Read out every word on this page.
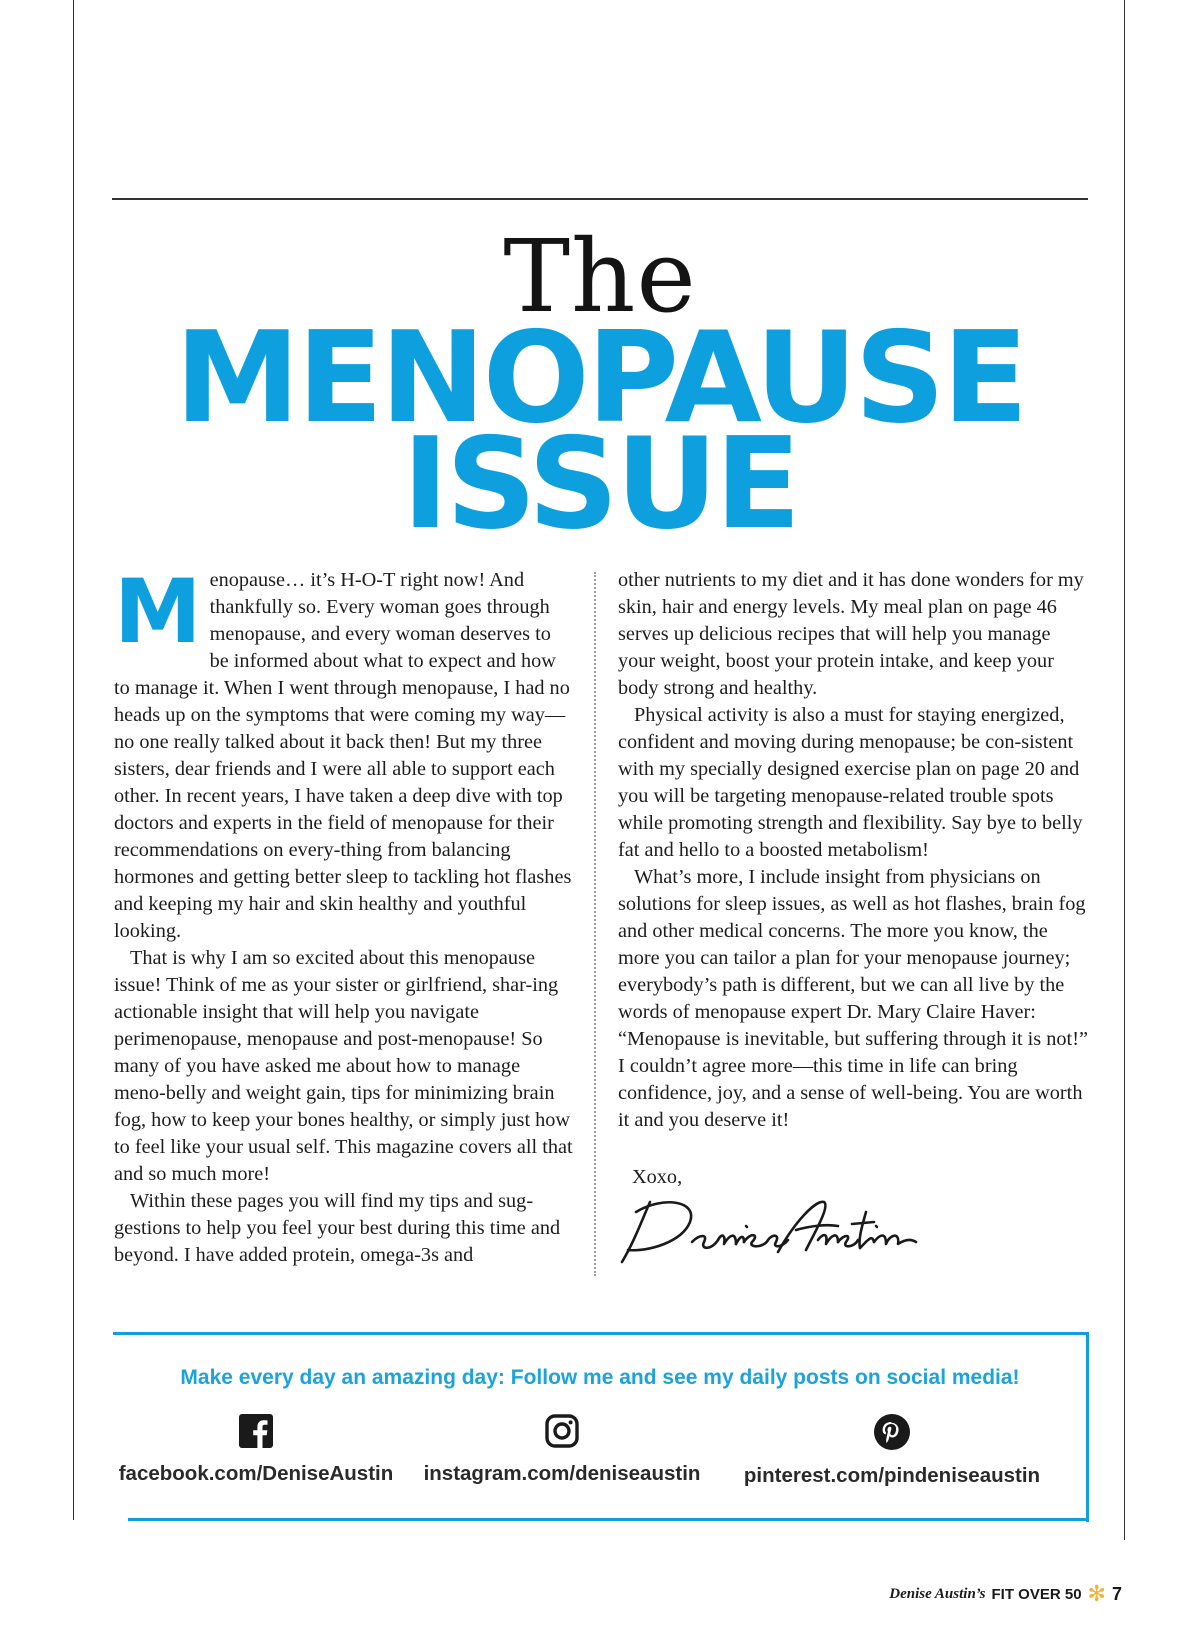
The
MENOPAUSE
ISSUE

Menopause… it’s H-O-T right now! And thankfully so. Every woman goes through menopause, and every woman deserves to be informed about what to expect and how to manage it. When I went through menopause, I had no heads up on the symptoms that were coming my way—no one really talked about it back then! But my three sisters, dear friends and I were all able to support each other. In recent years, I have taken a deep dive with top doctors and experts in the field of menopause for their recommendations on every-thing from balancing hormones and getting better sleep to tackling hot flashes and keeping my hair and skin healthy and youthful looking.

That is why I am so excited about this menopause issue! Think of me as your sister or girlfriend, shar-ing actionable insight that will help you navigate perimenopause, menopause and post-menopause! So many of you have asked me about how to manage meno-belly and weight gain, tips for minimizing brain fog, how to keep your bones healthy, or simply just how to feel like your usual self. This magazine covers all that and so much more!

Within these pages you will find my tips and sug-gestions to help you feel your best during this time and beyond. I have added protein, omega-3s and

other nutrients to my diet and it has done wonders for my skin, hair and energy levels. My meal plan on page 46 serves up delicious recipes that will help you manage your weight, boost your protein intake, and keep your body strong and healthy.

Physical activity is also a must for staying energized, confident and moving during menopause; be con-sistent with my specially designed exercise plan on page 20 and you will be targeting menopause-related trouble spots while promoting strength and flexibility. Say bye to belly fat and hello to a boosted metabolism!

What’s more, I include insight from physicians on solutions for sleep issues, as well as hot flashes, brain fog and other medical concerns. The more you know, the more you can tailor a plan for your menopause journey; everybody’s path is different, but we can all live by the words of menopause expert Dr. Mary Claire Haver: “Menopause is inevitable, but suffering through it is not!” I couldn’t agree more—this time in life can bring confidence, joy, and a sense of well-being. You are worth it and you deserve it!

Xoxo,
Make every day an amazing day: Follow me and see my daily posts on social media!
facebook.com/DeniseAustin	instagram.com/deniseaustin	pinterest.com/pindeniseaustin
Denise Austin’s FIT OVER 50 ✻ 7
